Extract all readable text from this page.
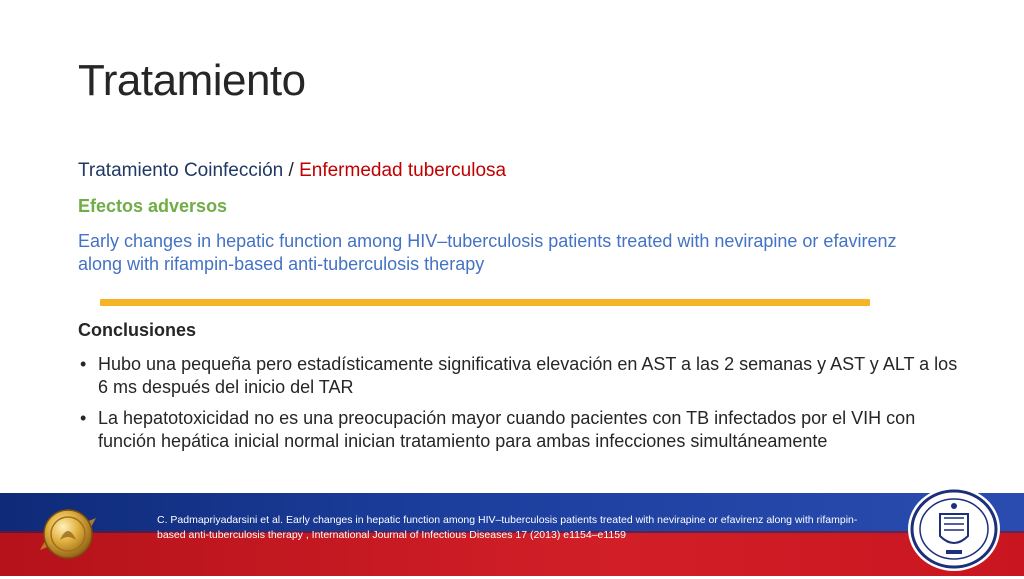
Tratamiento
Tratamiento Coinfección / Enfermedad tuberculosa
Efectos adversos
Early changes in hepatic function among HIV–tuberculosis patients treated with nevirapine or efavirenz along with rifampin-based anti-tuberculosis therapy
Conclusiones
• Hubo una pequeña pero estadísticamente significativa elevación en AST a las 2 semanas y AST y ALT a los 6 ms después del inicio del TAR
• La hepatotoxicidad no es una preocupación mayor cuando pacientes con TB infectados por el VIH con función hepática inicial normal inician tratamiento para ambas infecciones simultáneamente
C. Padmapriyadarsini et al. Early changes in hepatic function among HIV–tuberculosis patients treated with nevirapine or efavirenz along with rifampin-based anti-tuberculosis therapy , International Journal of Infectious Diseases 17 (2013) e1154–e1159
